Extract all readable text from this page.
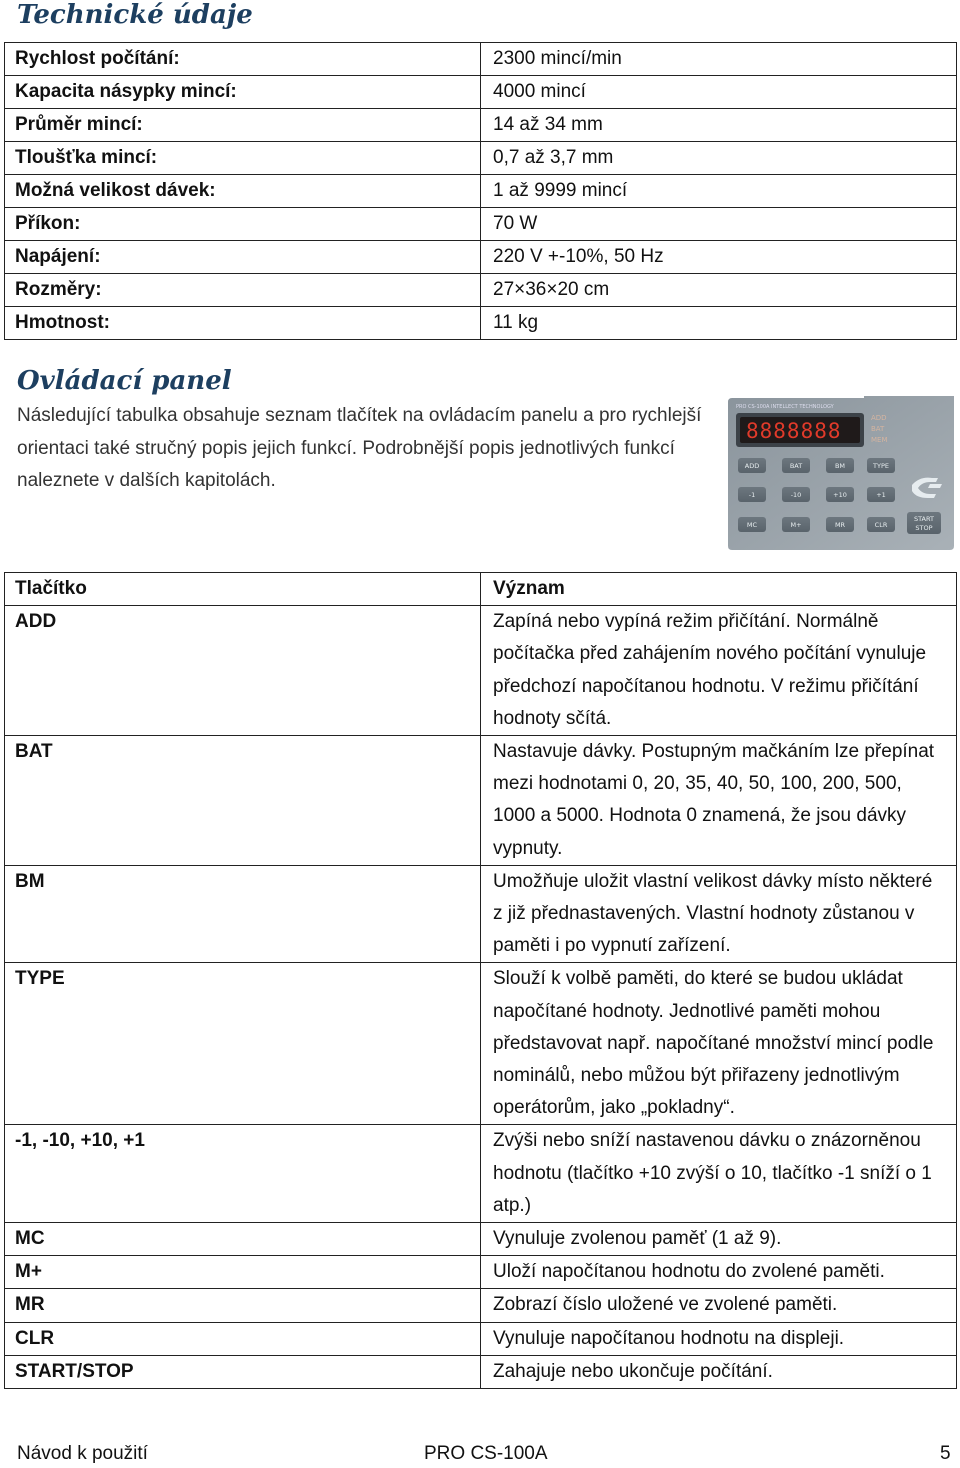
Technické údaje
Rychlost počítání:	2300 mincí/min
Kapacita násypky mincí:	4000 mincí
Průměr mincí:	14 až 34 mm
Tloušťka mincí:	0,7 až 3,7 mm
Možná velikost dávek:	1 až 9999 mincí
Příkon:	70 W
Napájení:	220 V +-10%, 50 Hz
Rozměry:	27×36×20 cm
Hmotnost:	11 kg
Ovládací panel

Následující tabulka obsahuje seznam tlačítek na ovládacím panelu a pro rychlejší orientaci také stručný popis jejich funkcí. Podrobnější popis jednotlivých funkcí naleznete v dalších kapitolách.

PRO CS-100A INTELLECT TECHNOLOGY
8888888
ADD
BAT
MEM
ADD	BAT	BM	TYPE
-1	-10	+10	+1
MC	M+	MR	CLR
START
STOP
Tlačítko	Význam
ADD	Zapíná nebo vypíná režim přičítání. Normálně počítačka před zahájením nového počítání vynuluje předchozí napočítanou hodnotu. V režimu přičítání hodnoty sčítá.
BAT	Nastavuje dávky. Postupným mačkáním lze přepínat mezi hodnotami 0, 20, 35, 40, 50, 100, 200, 500, 1000 a 5000. Hodnota 0 znamená, že jsou dávky vypnuty.
BM	Umožňuje uložit vlastní velikost dávky místo některé z již přednastavených. Vlastní hodnoty zůstanou v paměti i po vypnutí zařízení.
TYPE	Slouží k volbě paměti, do které se budou ukládat napočítané hodnoty. Jednotlivé paměti mohou představovat např. napočítané množství mincí podle nominálů, nebo můžou být přiřazeny jednotlivým operátorům, jako „pokladny“.
-1, -10, +10, +1	Zvýši nebo sníží nastavenou dávku o znázorněnou hodnotu (tlačítko +10 zvýší o 10, tlačítko -1 sníží o 1 atp.)
MC	Vynuluje zvolenou paměť (1 až 9).
M+	Uloží napočítanou hodnotu do zvolené paměti.
MR	Zobrazí číslo uložené ve zvolené paměti.
CLR	Vynuluje napočítanou hodnotu na displeji.
START/STOP	Zahajuje nebo ukončuje počítání.
Návod k použití	PRO CS-100A	5
